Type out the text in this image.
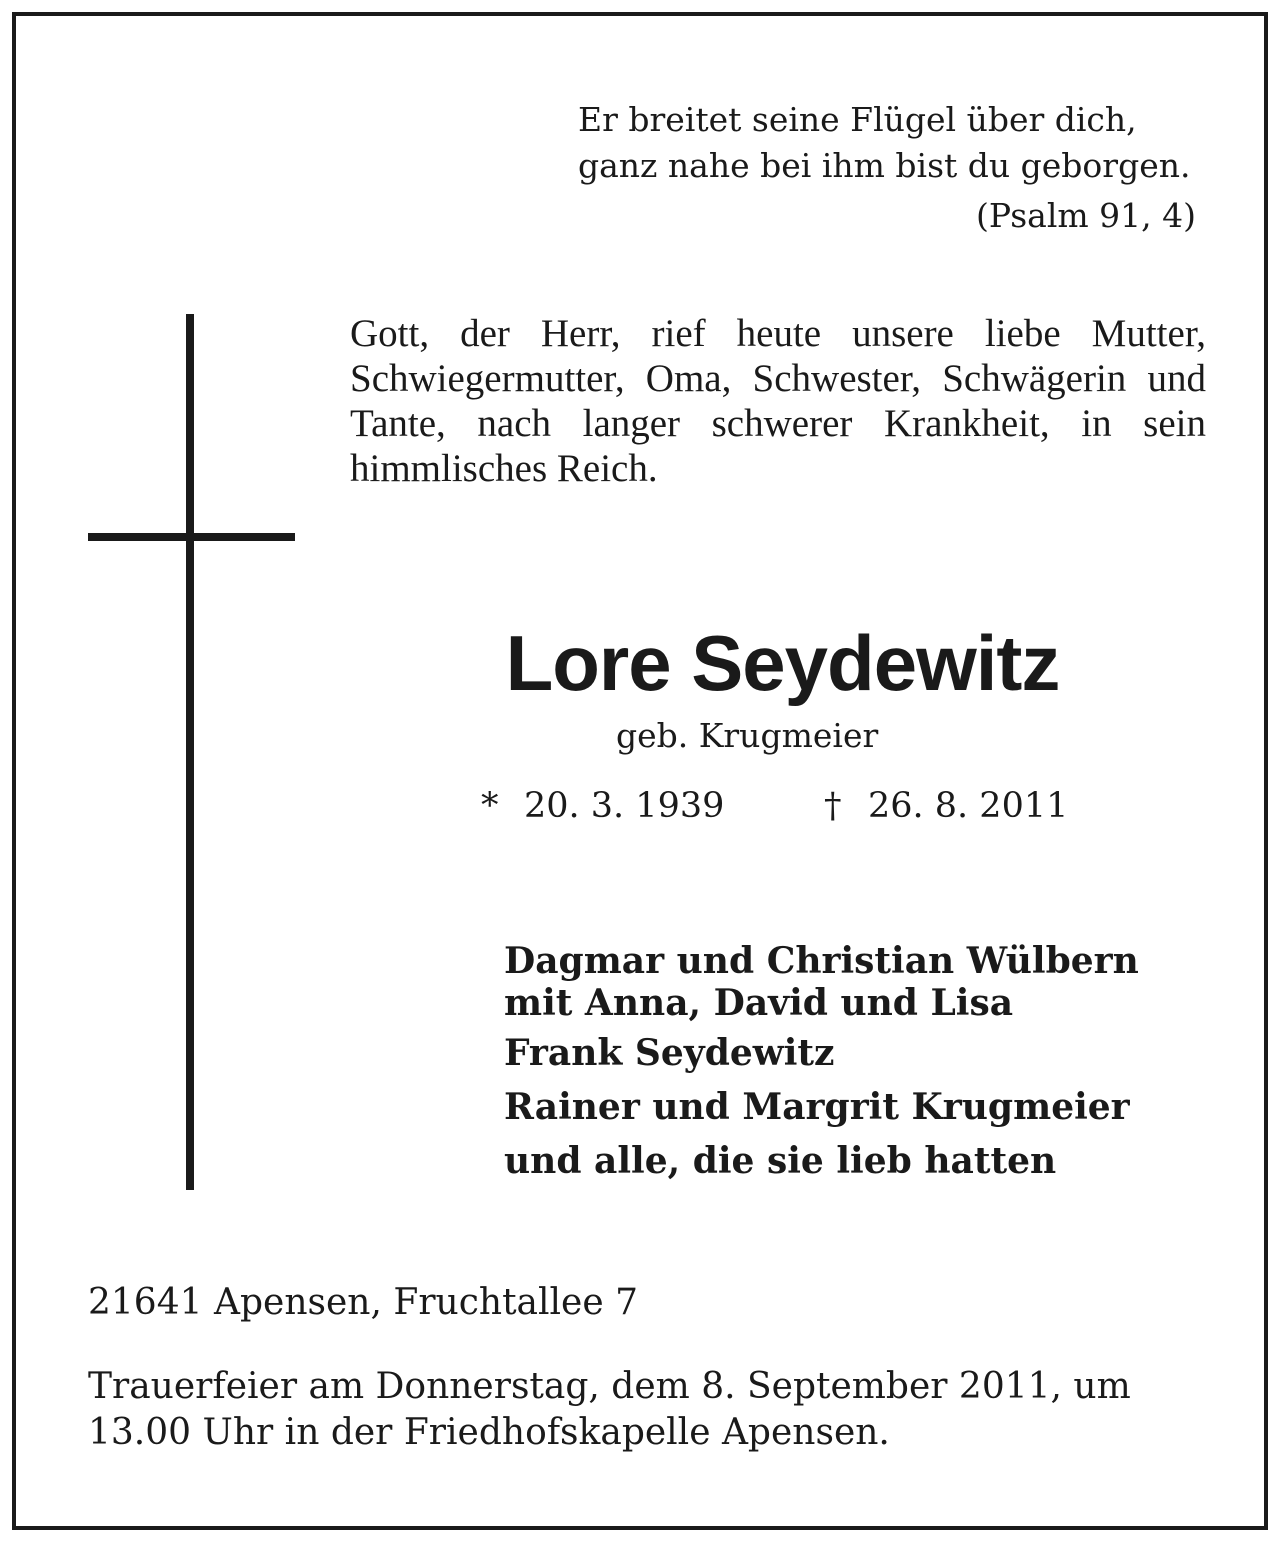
Er breitet seine Flügel über dich,
ganz nahe bei ihm bist du geborgen.
(Psalm 91, 4)
Gott, der Herr, rief heute unsere liebe Mutter, Schwiegermutter, Oma, Schwester, Schwägerin und Tante, nach langer schwerer Krankheit, in sein himmlisches Reich.
Lore Seydewitz
geb. Krugmeier
* 20. 3. 1939	† 26. 8. 2011
Dagmar und Christian Wülbern
mit Anna, David und Lisa
Frank Seydewitz
Rainer und Margrit Krugmeier
und alle, die sie lieb hatten
21641 Apensen, Fruchtallee 7
Trauerfeier am Donnerstag, dem 8. September 2011, um
13.00 Uhr in der Friedhofskapelle Apensen.
